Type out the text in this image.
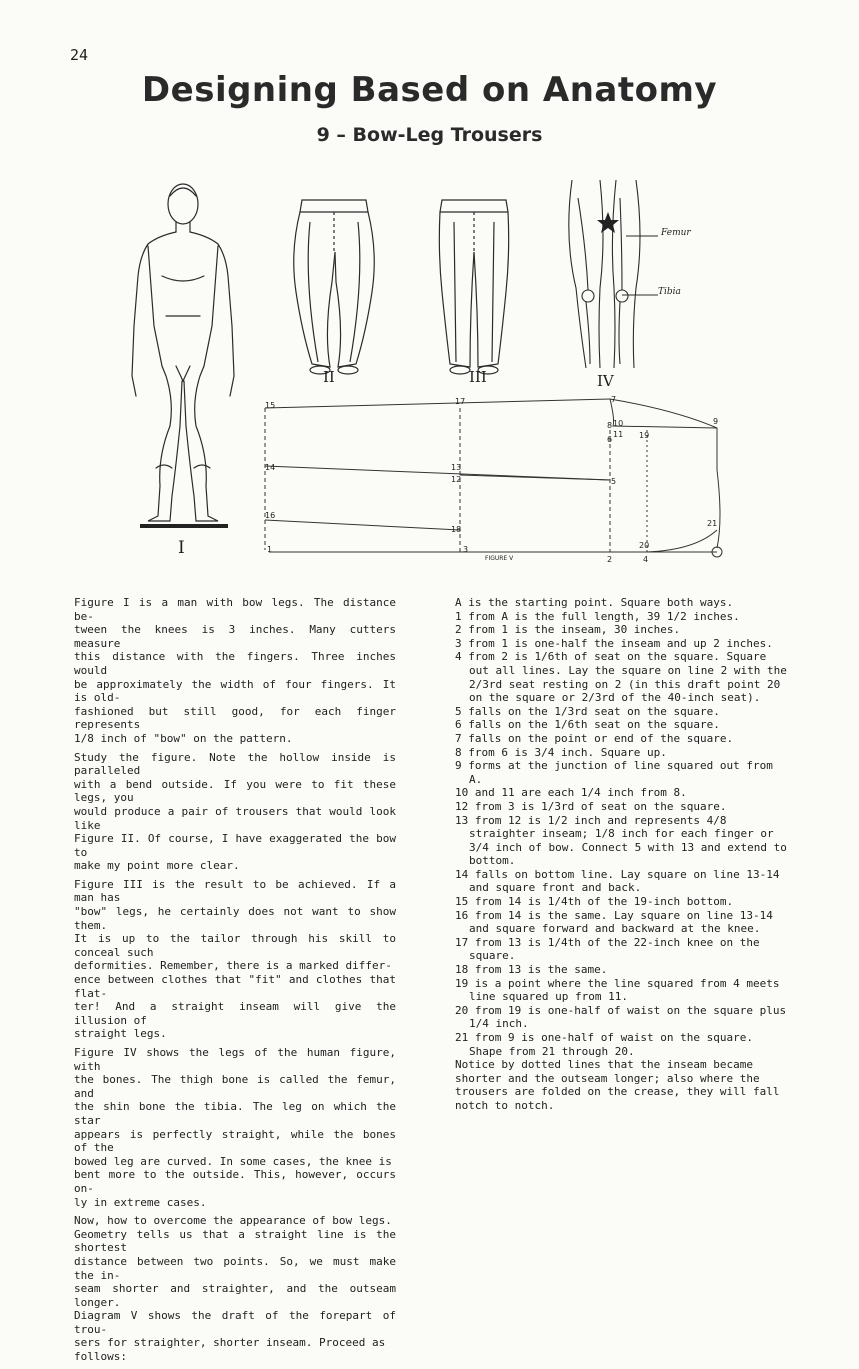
24
Designing Based on Anatomy
9 – Bow-Leg Trousers
I
II	III
Femur
Tibia
IV
15	17	7
8
6
10
11 19
9
14	13
12	5
16
18
1	3
2	4
20
21
FIGURE V

Figure I is a man with bow legs. The distance be-
tween the knees is 3 inches. Many cutters measure
this distance with the fingers. Three inches would
be approximately the width of four fingers. It is old-
fashioned but still good, for each finger represents
1/8 inch of "bow" on the pattern.

Study the figure. Note the hollow inside is paralleled
with a bend outside. If you were to fit these legs, you
would produce a pair of trousers that would look like
Figure II. Of course, I have exaggerated the bow to
make my point more clear.

Figure III is the result to be achieved. If a man has
"bow" legs, he certainly does not want to show them.
It is up to the tailor through his skill to conceal such
deformities. Remember, there is a marked differ-
ence between clothes that "fit" and clothes that flat-
ter! And a straight inseam will give the illusion of
straight legs.

Figure IV shows the legs of the human figure, with
the bones. The thigh bone is called the femur, and
the shin bone the tibia. The leg on which the star
appears is perfectly straight, while the bones of the
bowed leg are curved. In some cases, the knee is
bent more to the outside. This, however, occurs on-
ly in extreme cases.

Now, how to overcome the appearance of bow legs.
Geometry tells us that a straight line is the shortest
distance between two points. So, we must make the in-
seam shorter and straighter, and the outseam longer.
Diagram V shows the draft of the forepart of trou-
sers for straighter, shorter inseam. Proceed as
follows:

A is the starting point. Square both ways.

1 from A is the full length, 39 1/2 inches.

2 from 1 is the inseam, 30 inches.

3 from 1 is one-half the inseam and up 2 inches.

4 from 2 is 1/6th of seat on the square. Square out all lines. Lay the square on line 2 with the 2/3rd seat resting on 2 (in this draft point 20 on the square or 2/3rd of the 40-inch seat).

5 falls on the 1/3rd seat on the square.

6 falls on the 1/6th seat on the square.

7 falls on the point or end of the square.

8 from 6 is 3/4 inch. Square up.

9 forms at the junction of line squared out from A.

10 and 11 are each 1/4 inch from 8.

12 from 3 is 1/3rd of seat on the square.

13 from 12 is 1/2 inch and represents 4/8 straighter inseam; 1/8 inch for each finger or 3/4 inch of bow. Connect 5 with 13 and extend to bottom.

14 falls on bottom line. Lay square on line 13-14 and square front and back.

15 from 14 is 1/4th of the 19-inch bottom.

16 from 14 is the same. Lay square on line 13-14 and square forward and backward at the knee.

17 from 13 is 1/4th of the 22-inch knee on the square.

18 from 13 is the same.

19 is a point where the line squared from 4 meets line squared up from 11.

20 from 19 is one-half of waist on the square plus 1/4 inch.

21 from 9 is one-half of waist on the square. Shape from 21 through 20.

Notice by dotted lines that the inseam became shorter and the outseam longer; also where the trousers are folded on the crease, they will fall notch to notch.
